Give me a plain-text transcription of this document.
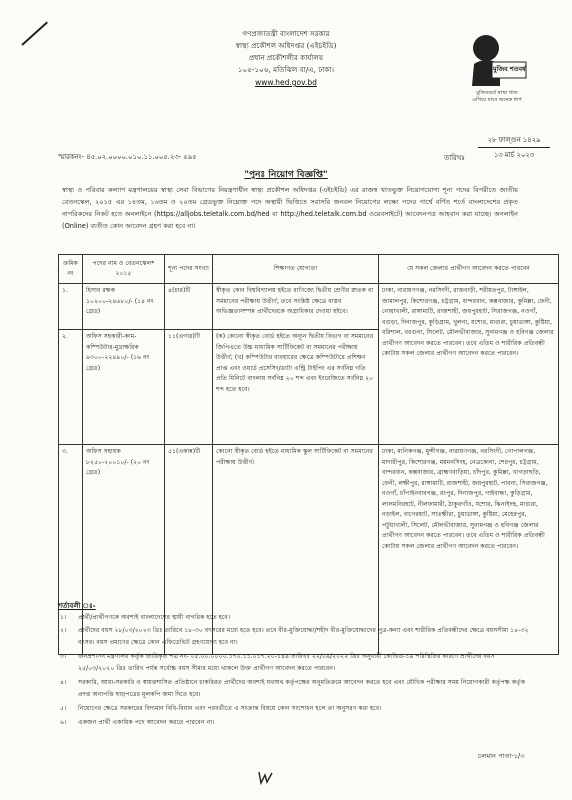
গণপ্রজাতন্ত্রী বাংলাদেশ সরকার
স্বাস্থ্য প্রকৌশল অধিদপ্তর (এইচইডি)
প্রধান প্রকৌশলীর কার্যালয়
১০৫-১০৬, মতিঝিল বা/এ, ঢাকা।
www.hed.gov.bd
মুজিব শতবর্ষ
মুজিববর্ষে স্বাস্থ্য খাত
এগিয়ে যাবে অনেক ধাপ
স্মারকনং- ৪৫.০২.০০০০.০১০.১১.০০৫.২৩- ৫৯৫	তারিখঃ
২৮ ফাল্গুন ১৪২৯
১৩ মার্চ ২০২৩
"পুনঃ নিয়োগ বিজ্ঞপ্তি"
স্বাস্থ্য ও পরিবার কল্যাণ মন্ত্রণালয়ের স্বাস্থ্য সেবা বিভাগের নিয়ন্ত্রণাধীন স্বাস্থ্য প্রকৌশল অধিদপ্তর (এইচইডি) এর রাজস্ব খাতভুক্ত নিয়োগযোগ্য শূন্য পদের বিপরীতে জাতীয় বেতনস্কেল, ২০১৫ এর ১৪তম, ১৬তম ও ২০তম গ্রেডভুক্ত নিম্নোক্ত পদে অস্থায়ী ভিত্তিতে সরাসরি জনবল নিয়োগের লক্ষ্যে পদের পার্শ্বে বর্ণিত শর্তে বাংলাদেশের প্রকৃত নাগরিকদের নিকট হতে অনলাইনে (https://alljobs.teletalk.com.bd/hed বা http://hed.teletalk.com.bd ওয়েবসাইটে) আবেদনপত্র আহবান করা যাচ্ছে। অনলাইন (Online) ব্যতীত কোন আবেদন গ্রহণ করা হবে না।
ক্রমিক নং	পদের নাম ও বেতনস্কেল* ২০১৫	শূন্য পদের সংখ্যা	শিক্ষাগত যোগ্যতা	যে সকল জেলার প্রার্থীগণ আবেদন করতে পারবেন
১.	হিসাব রক্ষক ১০২০০-২৪৬৮০/- (১৪ নং গ্রেড)	৪(চার)টি	স্বীকৃত কোন বিশ্ববিদ্যালয় হইতে বাণিজ্যে দ্বিতীয় শ্রেণীর স্নাতক বা সমমানের পরীক্ষায় উত্তীর্ণ; তবে সংশ্লিষ্ট ক্ষেত্রে বাস্তব অভিজ্ঞতাসম্পন্ন প্রার্থীদেরকে অগ্রাধিকার দেওয়া হইবে।	ঢাকা, নারায়ণগঞ্জ, নরসিংদী, রাজবাড়ী, শরীয়তপুর, টাঙ্গাইল, জামালপুর, কিশোরগঞ্জ, চট্টগ্রাম, বান্দরবান, কক্সবাজার, কুমিল্লা, ফেনী, নোয়াখালী, রাঙ্গামাটি, রাজশাহী, জয়পুরহাট, সিরাজগঞ্জ, নওগাঁ, বগুড়া, দিনাজপুর, কুড়িগ্রাম, খুলনা, যশোর, মাগুরা, চুয়াডাঙ্গা, কুষ্টিয়া, বরিশাল, বরগুনা, সিলেট, মৌলভীবাজার, সুনামগঞ্জ ও হবিগঞ্জ জেলার প্রার্থীগণ আবেদন করতে পারবেন। তবে এতিম ও শারীরিক প্রতিবন্ধী কোটায় সকল জেলার প্রার্থীগণ আবেদন করতে পারবেন।
২.	অফিস সহকারী-কাম-কম্পিউটার-মুদ্রাক্ষরিক ৯৩০০-২২৪৯০/- (১৬ নং গ্রেড)	১১(এগার)টি	(ক) কোনো স্বীকৃত বোর্ড হইতে অন্যূন দ্বিতীয় বিভাগ বা সমমানের জিপিএতে উচ্চ মাধ্যমিক সার্টিফিকেট বা সমমানের পরীক্ষায় উত্তীর্ণ; (খ) কম্পিউটার ব্যবহারের ক্ষেত্রে কম্পিউটারে প্রশিক্ষণ প্রাপ্ত এবং ওয়ার্ড প্রসেসিং/ডাটা এন্ট্রি টাইপিং এর সর্বনিম্ন গতি প্রতি মিনিটে বাংলায় সর্বনিম্ন ২০ শব্দ এবং ইংরেজিতে সর্বনিম্ন ২০ শব্দ হতে হবে।	
৩.	অফিস সহায়ক ৮২৫০-২০০১০/- (২০ নং গ্রেড)	৫১(একান্ন)টি	কোনো স্বীকৃত বোর্ড হইতে মাধ্যমিক স্কুল সার্টিফিকেট বা সমমানের পরীক্ষায় উত্তীর্ণ।	ঢাকা, মানিকগঞ্জ, মুন্সীগঞ্জ, নারায়ণগঞ্জ, নরসিংদী, গোপালগঞ্জ, মাদারীপুর, কিশোরগঞ্জ, ময়মনসিংহ, নেত্রকোনা, শেরপুর, চট্টগ্রাম, বান্দরবান, কক্সবাজার, ব্রাহ্মণবাড়িয়া, চাঁদপুর, কুমিল্লা, খাগড়াছড়ি, ফেনী, লক্ষীপুর, রাঙ্গামাটি, রাজশাহী, জয়পুরহাট, পাবনা, সিরাজগঞ্জ, নওগাঁ, চাঁপাইনবাবগঞ্জ, রংপুর, দিনাজপুর, গাইবান্ধা, কুড়িগ্রাম, লালমনিরহাট, নীলফামারী, ঠাকুরগাঁও, যশোর, ঝিনাইদহ, মাগুরা, নড়াইল, বাগেরহাট, সাতক্ষীরা, চুয়াডাঙ্গা, কুষ্টিয়া, মেহেরপুর, পটুয়াখালী, সিলেট, মৌলভীবাজার, সুনামগঞ্জ ও হবিগঞ্জ জেলার প্রার্থীগণ আবেদন করতে পারবেন। তবে এতিম ও শারীরিক প্রতিবন্ধী কোটায় সকল জেলার প্রার্থীগণ আবেদন করতে পারবেন।
শর্তাবলী ঃ-
১।	প্রার্থী/প্রার্থীগণকে অবশ্যই বাংলাদেশের স্থায়ী নাগরিক হতে হবে।
২।	প্রার্থীদের বয়স ২৮/০৩/২০২৩ খ্রিঃ তারিখে ১৮-৩০ বৎসরের মধ্যে হতে হবে। তবে বীর-মুক্তিযোদ্ধা/শহীদ বীর-মুক্তিযোদ্ধাদের পুত্র-কন্যা এবং শারীরিক প্রতিবন্ধীদের ক্ষেত্রে বয়সসীমা ১৮-৩২ বৎসর। বয়স প্রমাণের ক্ষেত্রে কোন এফিডেভিট গ্রহণযোগ্য হবে না।
৩।	জনপ্রশাসন মন্ত্রণালয় কর্তৃক জারিকৃত পত্র নং- ০৫.০০.০০০০.১৭০.১১.০১৭.২০-১৪৯ তারিখঃ ২২/০৯/২০২২ খ্রিঃ অনুযায়ী কোভিড-১৯ পরিস্থিতির কারণে প্রার্থীদের বয়স ২৫/০৩/২০২০ খ্রিঃ তারিখ পর্যন্ত সর্বোচ্চ বয়স সীমার মধ্যে থাকলে উক্ত প্রার্থীগণ আবেদন করতে পারবেন।
৪।	সরকারি, আধা-সরকারি ও স্বায়ত্তশাসিত প্রতিষ্ঠানে চাকরিরত প্রার্থীদের অবশ্যই যথাযথ কর্তৃপক্ষের অনুমতিক্রমে আবেদন করতে হবে এবং মৌখিক পরীক্ষার সময় নিয়োগকারী কর্তৃপক্ষ কর্তৃক প্রদত্ত অনাপত্তি ছাড়পত্রের মূলকপি জমা দিতে হবে।
৫।	নিয়োগের ক্ষেত্রে সরকারের বিদ্যমান বিধি-বিধান এবং পরবর্তীতে এ সংক্রান্ত বিষয়ে কোন সংশোধন হলে তা অনুসরণ করা হবে।
৬।	একজন প্রার্থী একাধিক পদে আবেদন করতে পারবেন না।
চলমান পাতা-১/৩
